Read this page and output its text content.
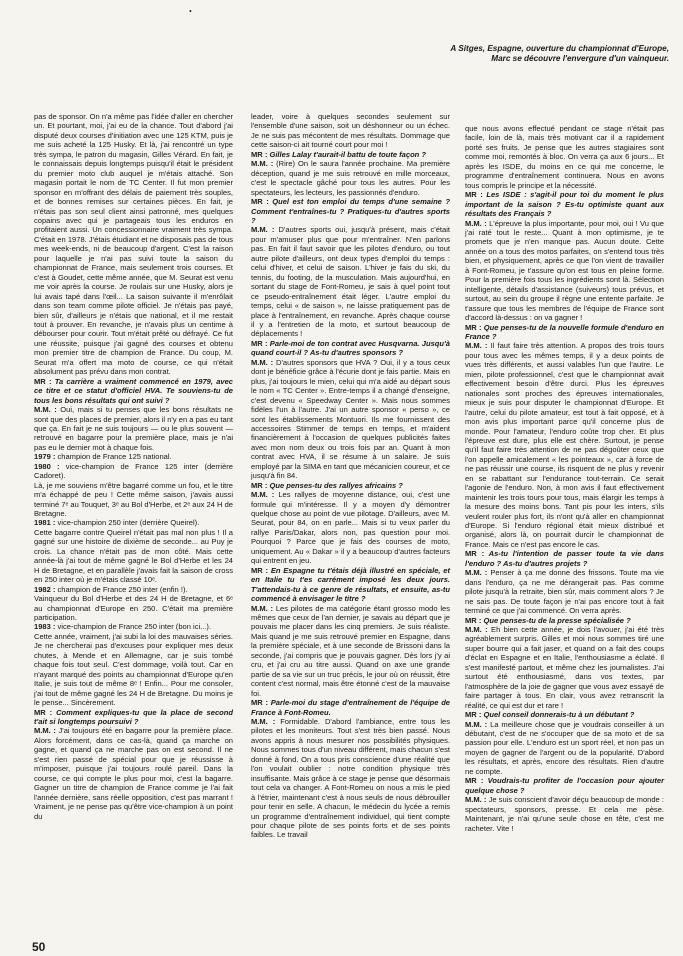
•

A Sitges, Espagne, ouverture du championnat d'Europe, Marc se découvre l'envergure d'un vainqueur.

pas de sponsor. On n'a même pas l'idée d'aller en chercher un. Et pourtant, moi, j'ai eu de la chance. Tout d'abord j'ai disputé deux courses d'initiation avec une 125 KTM, puis je me suis acheté la 125 Husky. Et là, j'ai rencontré un type très sympa, le patron du magasin, Gilles Vérard. En fait, je le connaissais depuis longtemps puisqu'il était le président du premier moto club auquel je m'étais attaché. Son magasin portait le nom de TC Center. Il fut mon premier sponsor en m'offrant des délais de paiement très souples, et de bonnes remises sur certaines pièces. En fait, je n'étais pas son seul client ainsi patronné, mes quelques copains avec qui je partageais tous les enduros en profitaient aussi. Un concessionnaire vraiment très sympa. C'était en 1978. J'étais étudiant et ne disposais pas de tous mes week-ends, ni de beaucoup d'argent. C'est la raison pour laquelle je n'ai pas suivi toute la saison du championnat de France, mais seulement trois courses. Et c'est à Goudet, cette même année, que M. Seurat est venu me voir après la course. Je roulais sur une Husky, alors je lui avais tapé dans l'œil... La saison suivante il m'enrôlait dans son team comme pilote officiel. Je n'étais pas payé, bien sûr, d'ailleurs je n'étais que national, et il me restait tout à prouver. En revanche, je n'avais plus un centime à débourser pour courir. Tout m'était prêté ou défrayé. Ce fut une réussite, puisque j'ai gagné des courses et obtenu mon premier titre de champion de France. Du coup, M. Seurat m'a offert ma moto de course, ce qui n'était absolument pas prévu dans mon contrat.

MR : Ta carrière a vraiment commencé en 1979, avec ce titre et ce statut d'officiel HVA. Te souviens-tu de tous les bons résultats qui ont suivi ?

M.M. : Oui, mais si tu penses que les bons résultats ne sont que des places de premier, alors il n'y en a pas eu tant que ça. En fait je ne suis toujours — ou le plus souvent — retrouvé en bagarre pour la première place, mais je n'ai pas eu le dernier mot à chaque fois.

1979 : champion de France 125 national.

1980 : vice-champion de France 125 inter (derrière Cadoret).

Là, je me souviens m'être bagarré comme un fou, et le titre m'a échappé de peu ! Cette même saison, j'avais aussi terminé 7ᵉ au Touquet, 3ᵉ au Bol d'Herbe, et 2ᵉ aux 24 H de Bretagne.

1981 : vice-champion 250 inter (derrière Queirel).

Cette bagarre contre Queirel n'était pas mal non plus ! Il a gagné sur une histoire de dixième de seconde... au Puy je crois. La chance n'était pas de mon côté. Mais cette année-là j'ai tout de même gagné le Bol d'Herbe et les 24 H de Bretagne, et en parallèle j'avais fait la saison de cross en 250 inter où je m'étais classé 10ᵉ.

1982 : champion de France 250 inter (enfin !).

Vainqueur du Bol d'Herbe et des 24 H de Bretagne, et 6ᵉ au championnat d'Europe en 250. C'était ma première participation.

1983 : vice-champion de France 250 inter (bon ici...).

Cette année, vraiment, j'ai subi la loi des mauvaises séries. Je ne chercherai pas d'excuses pour expliquer mes deux chutes, à Mende et en Allemagne, car je suis tombé chaque fois tout seul. C'est dommage, voilà tout. Car en n'ayant marqué des points au championnat d'Europe qu'en Italie, je suis tout de même 8ᵉ ! Enfin... Pour me consoler, j'ai tout de même gagné les 24 H de Bretagne. Du moins je le pense... Sincèrement.

MR : Comment expliques-tu que la place de second t'ait si longtemps poursuivi ?

M.M. : J'ai toujours été en bagarre pour la première place. Alors forcément, dans ce cas-là, quand ça marche on gagne, et quand ça ne marche pas on est second. Il ne s'est rien passé de spécial pour que je réussisse à m'imposer, puisque j'ai toujours roulé pareil. Dans la course, ce qui compte le plus pour moi, c'est la bagarre. Gagner un titre de champion de France comme je l'ai fait l'année dernière, sans réelle opposition, c'est pas marrant ! Vraiment, je ne pense pas qu'être vice-champion à un point du

leader, voire à quelques secondes seulement sur l'ensemble d'une saison, soit un déshonneur ou un échec. Je ne suis pas mécontent de mes résultats. Dommage que cette saison-ci ait tourné court pour moi !

MR : Gilles Lalay t'aurait-il battu de toute façon ?

M.M. : (Rire) On le saura l'année prochaine. Ma première déception, quand je me suis retrouvé en mille morceaux, c'est le spectacle gâché pour tous les autres. Pour les spectateurs, les lecteurs, les passionnés d'enduro.

MR : Quel est ton emploi du temps d'une semaine ? Comment t'entraînes-tu ? Pratiques-tu d'autres sports ?

M.M. : D'autres sports oui, jusqu'à présent, mais c'était pour m'amuser plus que pour m'entraîner. N'en parlons pas. En fait il faut savoir que les pilotes d'enduro, ou tout autre pilote d'ailleurs, ont deux types d'emploi du temps : celui d'hiver, et celui de saison. L'hiver je fais du ski, du tennis, du footing, de la musculation. Mais aujourd'hui, en sortant du stage de Font-Romeu, je sais à quel point tout ce pseudo-entraînement était léger. L'autre emploi du temps, celui « de saison », ne laisse pratiquement pas de place à l'entraînement, en revanche. Après chaque course il y a l'entretien de la moto, et surtout beaucoup de déplacements !

MR : Parle-moi de ton contrat avec Husqvarna. Jusqu'à quand court-il ? As-tu d'autres sponsors ?

M.M. : D'autres sponsors que HVA ? Oui, il y a tous ceux dont je bénéficie grâce à l'écurie dont je fais partie. Mais en plus, j'ai toujours le mien, celui qui m'a aidé au départ sous le nom « TC Center ». Entre-temps il a changé d'enseigne, c'est devenu « Speedway Center ». Mais nous sommes fidèles l'un à l'autre. J'ai un autre sponsor « perso », ce sont les établissements Montuori. Ils me fournissent des accessoires Stimmer de temps en temps, et m'aident financièrement à l'occasion de quelques publicités faites avec mon nom deux ou trois fois par an. Quant à mon contrat avec HVA, il se résume à un salaire. Je suis employé par la SIMA en tant que mécanicien coureur, et ce jusqu'à fin 84.

MR : Que penses-tu des rallyes africains ?

M.M. : Les rallyes de moyenne distance, oui, c'est une formule qui m'intéresse. Il y a moyen d'y démontrer quelque chose au point de vue pilotage. D'ailleurs, avec M. Seurat, pour 84, on en parle... Mais si tu veux parler du rallye Paris/Dakar, alors non, pas question pour moi. Pourquoi ? Parce que je fais des courses de moto, uniquement. Au « Dakar » il y a beaucoup d'autres facteurs qui entrent en jeu.

MR : En Espagne tu t'étais déjà illustré en spéciale, et en Italie tu t'es carrément imposé les deux jours. T'attendais-tu à ce genre de résultats, et ensuite, as-tu commencé à envisager le titre ?

M.M. : Les pilotes de ma catégorie étant grosso modo les mêmes que ceux de l'an dernier, je savais au départ que je pouvais me placer dans les cinq premiers. Je suis réaliste. Mais quand je me suis retrouvé premier en Espagne, dans la première spéciale, et à une seconde de Brissoni dans la seconde, j'ai compris que je pouvais gagner. Dès lors j'y ai cru, et j'ai cru au titre aussi. Quand on axe une grande partie de sa vie sur un truc précis, le jour où on réussit, être content c'est normal, mais être étonné c'est de la mauvaise foi.

MR : Parle-moi du stage d'entraînement de l'équipe de France à Font-Romeu.

M.M. : Formidable. D'abord l'ambiance, entre tous les pilotes et les moniteurs. Tout s'est très bien passé. Nous avons appris à nous mesurer nos possibilités physiques. Nous sommes tous d'un niveau différent, mais chacun s'est donné à fond. On a tous pris conscience d'une réalité que l'on voulait oublier : notre condition physique très insuffisante. Mais grâce à ce stage je pense que désormais tout cela va changer. A Font-Romeu on nous a mis le pied à l'étrier, maintenant c'est à nous seuls de nous débrouiller pour tenir en selle. A chacun, le médecin du lycée a remis un programme d'entraînement individuel, qui tient compte pour chaque pilote de ses points forts et de ses points faibles. Le travail

que nous avons effectué pendant ce stage n'était pas facile, loin de là, mais très motivant car il a rapidement porté ses fruits. Je pense que les autres stagiaires sont comme moi, remontés à bloc. On verra ça aux 6 jours... Et après les ISDE, du moins en ce qui me concerne, le programme d'entraînement continuera. Nous en avons tous compris le principe et la nécessité.

MR : Les ISDE : s'agit-il pour toi du moment le plus important de la saison ? Es-tu optimiste quant aux résultats des Français ?

M.M. : L'épreuve la plus importante, pour moi, oui ! Vu que j'ai raté tout le reste... Quant à mon optimisme, je te promets que je n'en manque pas. Aucun doute. Cette année on a tous des motos parfaites, on s'entend tous très bien, et physiquement, après ce que l'on vient de travailler à Font-Romeu, je t'assure qu'on est tous en pleine forme. Pour la première fois tous les ingrédients sont là. Sélection intelligente, détails d'assistance (suiveurs) tous prévus, et surtout, au sein du groupe il règne une entente parfaite. Je t'assure que tous les membres de l'équipe de France sont d'accord là-dessus : on va gagner !

MR : Que penses-tu de la nouvelle formule d'enduro en France ?

M.M. : Il faut faire très attention. A propos des trois tours pour tous avec les mêmes temps, il y a deux points de vues très différents, et aussi valables l'un que l'autre. Le mien, pilote professionnel, c'est que le championnat avait effectivement besoin d'être durci. Plus les épreuves nationales sont proches des épreuves internationales, mieux je suis pour disputer le championnat d'Europe. Et l'autre, celui du pilote amateur, est tout à fait opposé, et à mon avis plus important parce qu'il concerne plus de monde. Pour l'amateur, l'enduro coûte trop cher. Et plus l'épreuve est dure, plus elle est chère. Surtout, je pense qu'il faut faire très attention de ne pas dégoûter ceux que l'on appelle amicalement « les pointeaux », car à force de ne pas réussir une course, ils risquent de ne plus y revenir en se rabattant sur l'endurance tout-terrain. Ce serait l'agonie de l'enduro. Non, à mon avis il faut effectivement maintenir les trois tours pour tous, mais élargir les temps à la mesure des moins bons. Tant pis pour les inters, s'ils veulent rouler plus fort, ils n'ont qu'à aller en championnat d'Europe. Si l'enduro régional était mieux distribué et organisé, alors là, on pourrait durcir le championnat de France. Mais ce n'est pas encore le cas.

MR : As-tu l'intention de passer toute ta vie dans l'enduro ? As-tu d'autres projets ?

M.M. : Penser à ça me donne des frissons. Toute ma vie dans l'enduro, ça ne me dérangerait pas. Pas comme pilote jusqu'à la retraite, bien sûr, mais comment alors ? Je ne sais pas. De toute façon je n'ai pas encore tout à fait terminé ce que j'ai commencé. On verra après.

MR : Que penses-tu de la presse spécialisée ?

M.M. : Eh bien cette année, je dois l'avouer, j'ai été très agréablement surpris. Gilles et moi nous sommes tiré une super bourre qui a fait jaser, et quand on a fait des coups d'éclat en Espagne et en Italie, l'enthousiasme a éclaté. Il s'est manifesté partout, et même chez les journalistes. J'ai surtout été enthousiasmé, dans vos textes, par l'atmosphère de la joie de gagner que vous avez essayé de faire partager à tous. En clair, vous avez retranscrit la réalité, ce qui est dur et rare !

MR : Quel conseil donnerais-tu à un débutant ?

M.M. : La meilleure chose que je voudrais conseiller à un débutant, c'est de ne s'occuper que de sa moto et de sa passion pour elle. L'enduro est un sport réel, et non pas un moyen de gagner de l'argent ou de la popularité. D'abord les résultats, et après, encore des résultats. Rien d'autre ne compte.

MR : Voudrais-tu profiter de l'occasion pour ajouter quelque chose ?

M.M. : Je suis conscient d'avoir déçu beaucoup de monde : spectateurs, sponsors, presse. Et cela me pèse. Maintenant, je n'ai qu'une seule chose en tête, c'est me racheter. Vite !

50
